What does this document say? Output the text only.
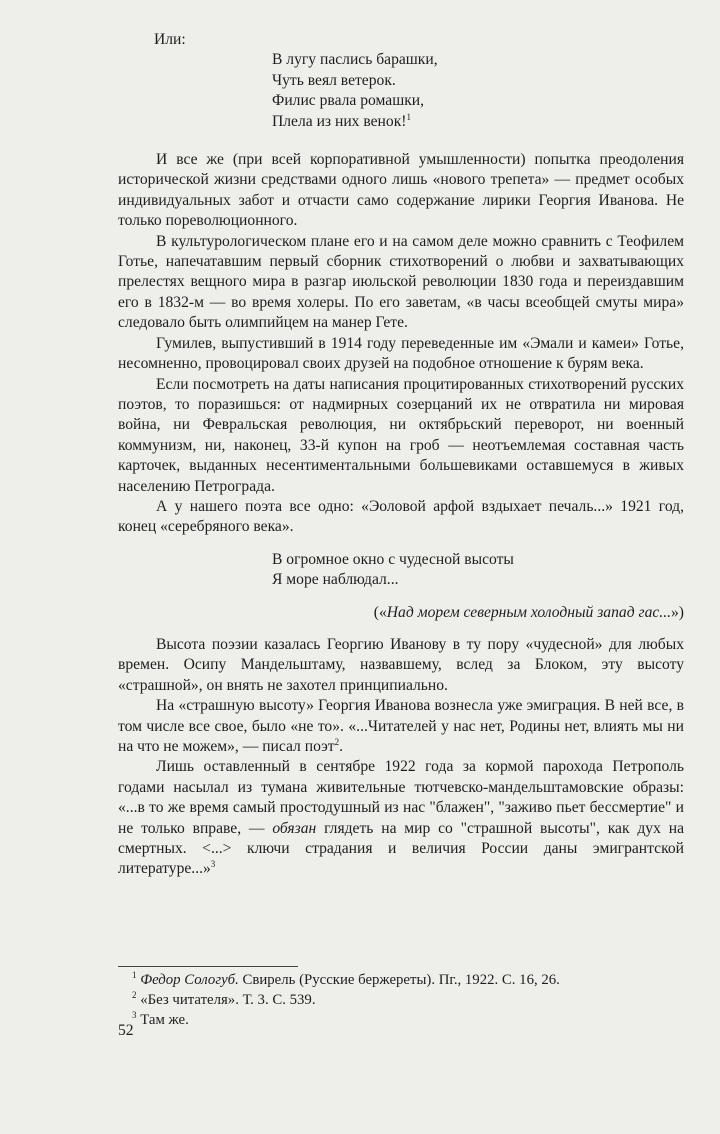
Или:

В лугу паслись барашки,

Чуть веял ветерок.

Филис рвала ромашки,

Плела из них венок!$^1$

И все же (при всей корпоративной умышленности) попытка преодоления исторической жизни средствами одного лишь «нового трепета» — предмет особых индивидуальных забот и отчасти само содержание лирики Георгия Иванова. Не только пореволюционного.

В культурологическом плане его и на самом деле можно сравнить с Теофилем Готье, напечатавшим первый сборник стихотворений о любви и захватывающих прелестях вещного мира в разгар июльской революции 1830 года и переиздавшим его в 1832-м — во время холеры. По его заветам, «в часы всеобщей смуты мира» следовало быть олимпийцем на манер Гете.

Гумилев, выпустивший в 1914 году переведенные им «Эмали и камеи» Готье, несомненно, провоцировал своих друзей на подобное отношение к бурям века.

Если посмотреть на даты написания процитированных стихотворений русских поэтов, то поразишься: от надмирных созерцаний их не отвратила ни мировая война, ни Февральская революция, ни октябрьский переворот, ни военный коммунизм, ни, наконец, 33-й купон на гроб — неотъемлемая составная часть карточек, выданных несентиментальными большевиками оставшемуся в живых населению Петрограда.

А у нашего поэта все одно: «Эоловой арфой вздыхает печаль...» 1921 год, конец «серебряного века».

В огромное окно с чудесной высоты

Я море наблюдал...

(«Над морем северным холодный запад гас...»)

Высота поэзии казалась Георгию Иванову в ту пору «чудесной» для любых времен. Осипу Мандельштаму, назвавшему, вслед за Блоком, эту высоту «страшной», он внять не захотел принципиально.

На «страшную высоту» Георгия Иванова вознесла уже эмиграция. В ней все, в том числе все свое, было «не то». «...Читателей у нас нет, Родины нет, влиять мы ни на что не можем», — писал поэт$^2$.

Лишь оставленный в сентябре 1922 года за кормой парохода Петрополь годами насылал из тумана живительные тютчевско-мандельштамовские образы: «...в то же время самый простодушный из нас "блажен", "заживо пьет бессмертие" и не только вправе, — обязан глядеть на мир со "страшной высоты", как дух на смертных. <...> ключи страдания и величия России даны эмигрантской литературе...»$^3$

$^1$ Федор Сологуб. Свирель (Русские бержереты). Пг., 1922. С. 16, 26.

$^2$ «Без читателя». Т. 3. С. 539.

$^3$ Там же.

52
